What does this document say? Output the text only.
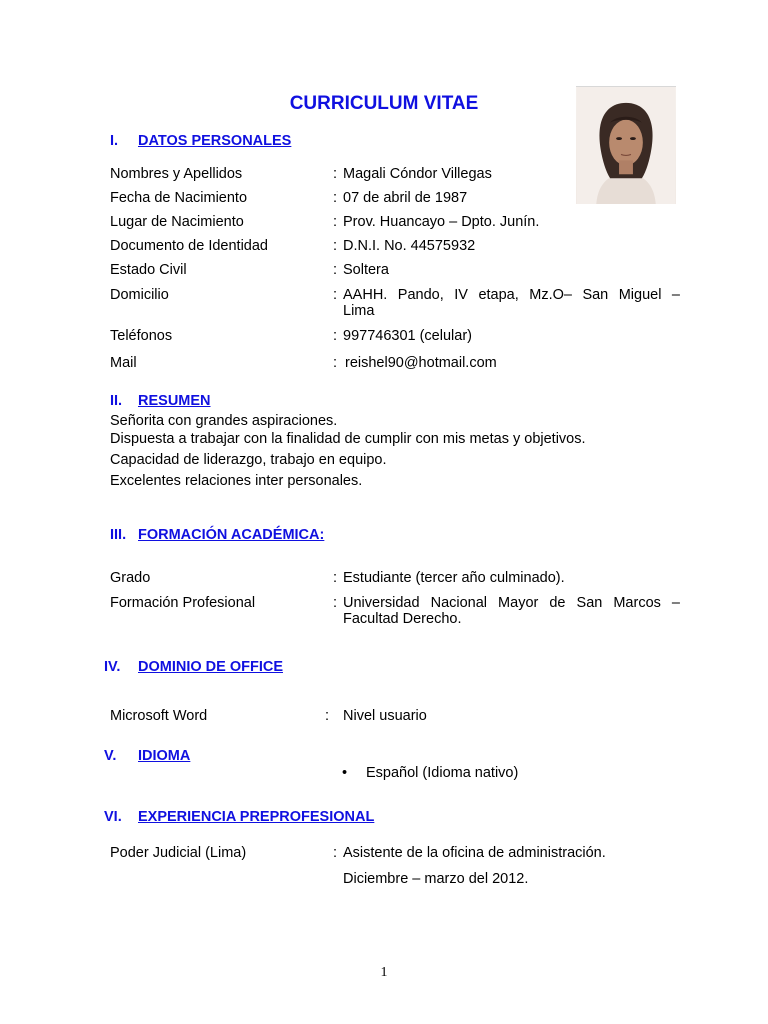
CURRICULUM VITAE
I. DATOS PERSONALES
Nombres y Apellidos	: Magali Cóndor Villegas
Fecha de Nacimiento	: 07 de abril de 1987
Lugar de Nacimiento	: Prov. Huancayo – Dpto. Junín.
Documento de Identidad	: D.N.I. No. 44575932
Estado Civil	: Soltera
Domicilio	: AAHH. Pando, IV etapa, Mz.O– San Miguel –
Lima
Teléfonos	: 997746301 (celular)
Mail	: reishel90@hotmail.com
II. RESUMEN
Señorita con grandes aspiraciones.
Dispuesta a trabajar con la finalidad de cumplir con mis metas y objetivos.
Capacidad de liderazgo, trabajo en equipo.
Excelentes relaciones inter personales.
III. FORMACIÓN ACADÉMICA:
Grado	: Estudiante (tercer año culminado).
Formación Profesional	: Universidad Nacional Mayor de San Marcos –
Facultad Derecho.
IV. DOMINIO DE OFFICE
Microsoft Word	: Nivel usuario
V. IDIOMA
• Español (Idioma nativo)
VI. EXPERIENCIA PREPROFESIONAL
Poder Judicial (Lima)	: Asistente de la oficina de administración.
Diciembre – marzo del 2012.
1
